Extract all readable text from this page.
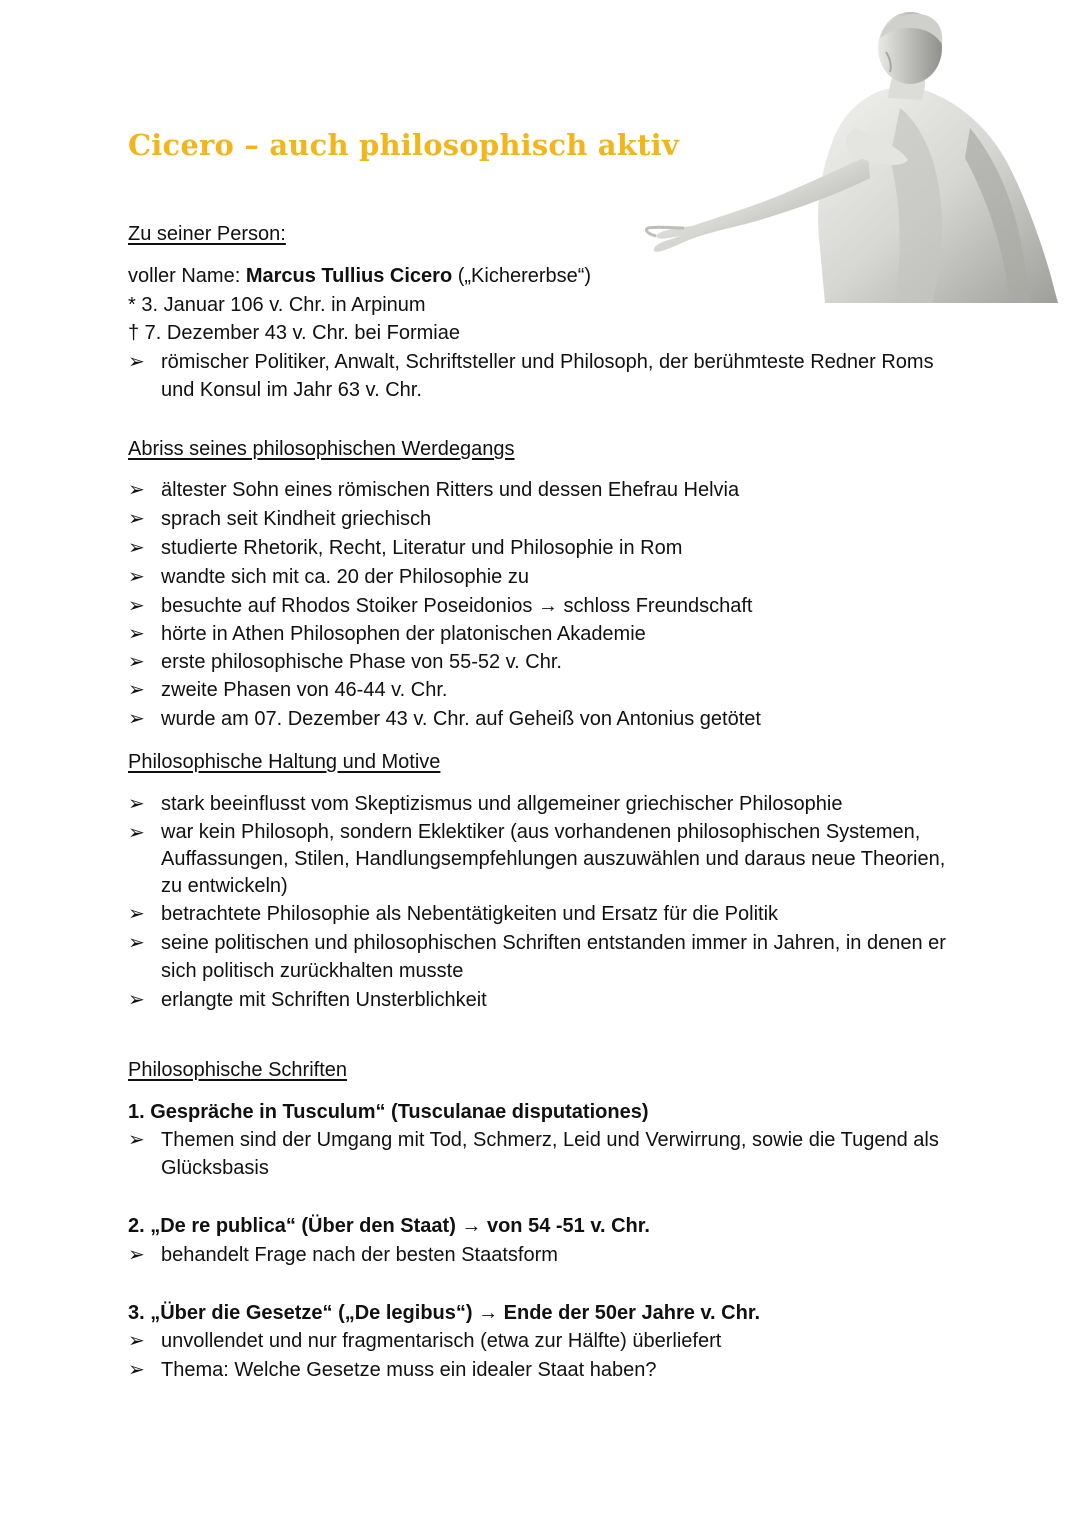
Cicero – auch philosophisch aktiv
Zu seiner Person:
voller Name: Marcus Tullius Cicero („Kichererbse“)
* 3. Januar 106 v. Chr. in Arpinum
† 7. Dezember 43 v. Chr. bei Formiae
➢ römischer Politiker, Anwalt, Schriftsteller und Philosoph, der berühmteste Redner Roms und Konsul im Jahr 63 v. Chr.
Abriss seines philosophischen Werdegangs
➢ ältester Sohn eines römischen Ritters und dessen Ehefrau Helvia
➢ sprach seit Kindheit griechisch
➢ studierte Rhetorik, Recht, Literatur und Philosophie in Rom
➢ wandte sich mit ca. 20 der Philosophie zu
➢ besuchte auf Rhodos Stoiker Poseidonios → schloss Freundschaft
➢ hörte in Athen Philosophen der platonischen Akademie
➢ erste philosophische Phase von 55-52 v. Chr.
➢ zweite Phasen von 46-44 v. Chr.
➢ wurde am 07. Dezember 43 v. Chr. auf Geheiß von Antonius getötet
Philosophische Haltung und Motive
➢ stark beeinflusst vom Skeptizismus und allgemeiner griechischer Philosophie
➢ war kein Philosoph, sondern Eklektiker (aus vorhandenen philosophischen Systemen, Auffassungen, Stilen, Handlungsempfehlungen auszuwählen und daraus neue Theorien, zu entwickeln)
➢ betrachtete Philosophie als Nebentätigkeiten und Ersatz für die Politik
➢ seine politischen und philosophischen Schriften entstanden immer in Jahren, in denen er sich politisch zurückhalten musste
➢ erlangte mit Schriften Unsterblichkeit
Philosophische Schriften
1. Gespräche in Tusculum“ (Tusculanae disputationes)
➢ Themen sind der Umgang mit Tod, Schmerz, Leid und Verwirrung, sowie die Tugend als Glücksbasis
2. „De re publica“ (Über den Staat) → von 54 -51 v. Chr.
➢ behandelt Frage nach der besten Staatsform
3. „Über die Gesetze“ („De legibus“) → Ende der 50er Jahre v. Chr.
➢ unvollendet und nur fragmentarisch (etwa zur Hälfte) überliefert
➢ Thema: Welche Gesetze muss ein idealer Staat haben?
